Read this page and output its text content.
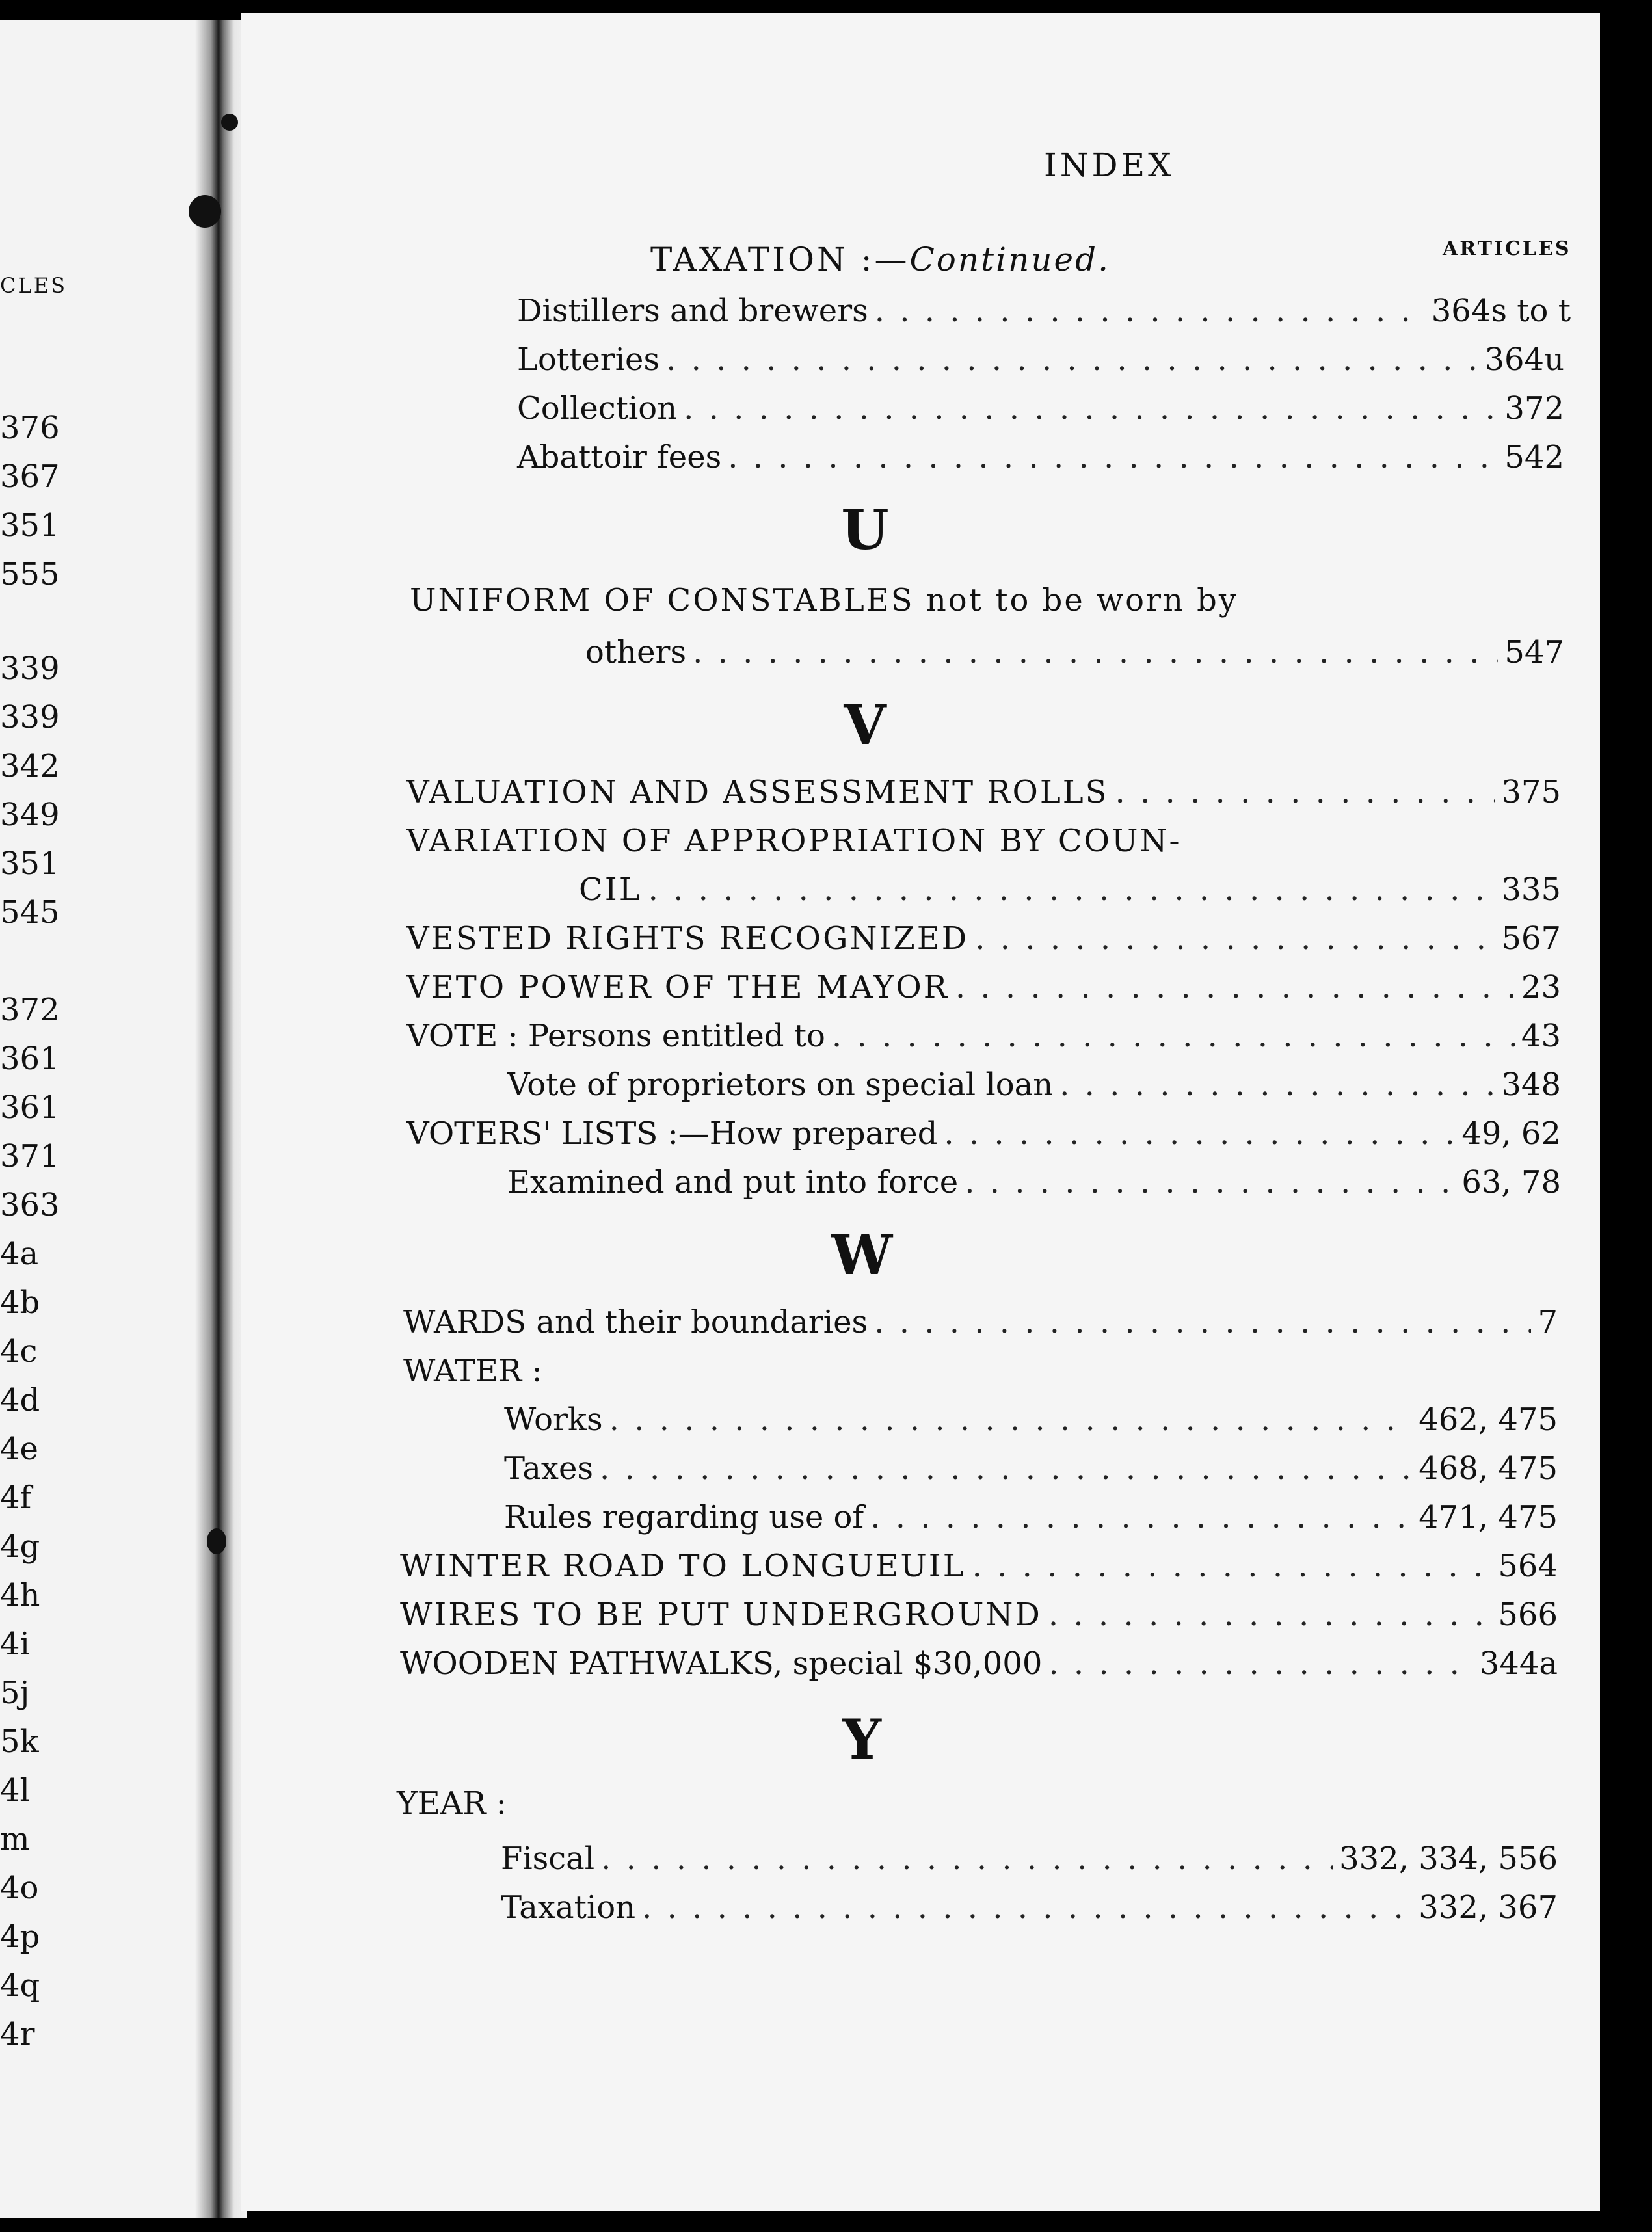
CLES
376
367
351
555
339
339
342
349
351
545
372
361
361
371
363
4a
4b
4c
4d
4e
4f
4g
4h
4i
5j
5k
4l
m
4o
4p
4q
4r
INDEX
ARTICLES
TAXATION :—Continued.
Distillers and brewers . . .	364s to t
Lotteries . . .	364u
Collection . . .	372
Abattoir fees . . .	542
U
UNIFORM OF CONSTABLES not to be worn by
others . . .	547
V
VALUATION AND ASSESSMENT ROLLS . . .	375
VARIATION OF APPROPRIATION BY COUN-
CIL . . .	335
VESTED RIGHTS RECOGNIZED . . .	567
VETO POWER OF THE MAYOR . . .	23
VOTE : Persons entitled to . . .	43
Vote of proprietors on special loan . . .	348
VOTERS' LISTS :—How prepared . . .	49, 62
Examined and put into force . . .	63, 78
W
WARDS and their boundaries . . .	7
WATER :
Works . . .	462, 475
Taxes . . .	468, 475
Rules regarding use of . . .	471, 475
WINTER ROAD TO LONGUEUIL . . .	564
WIRES TO BE PUT UNDERGROUND . . .	566
WOODEN PATHWALKS, special $30,000 . . .	344a
Y
YEAR :
Fiscal . . .	332, 334, 556
Taxation . . .	332, 367
